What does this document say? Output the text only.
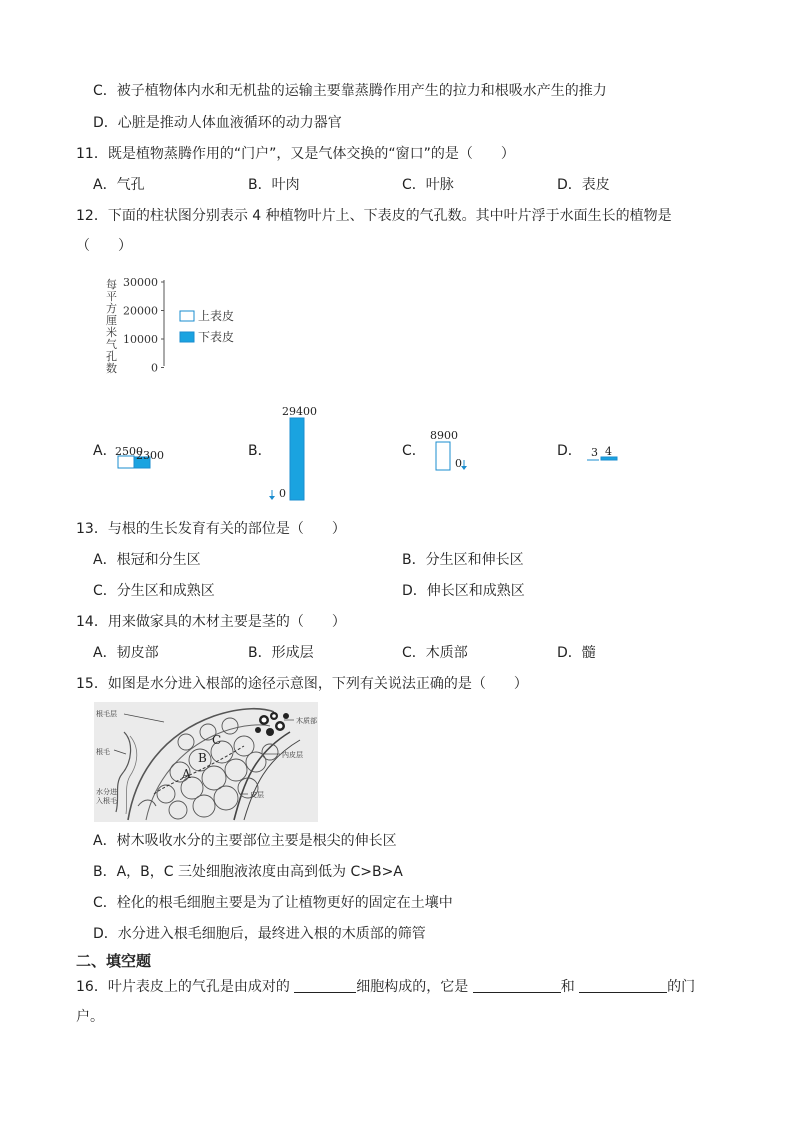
C．被子植物体内水和无机盐的运输主要靠蒸腾作用产生的拉力和根吸水产生的推力
D．心脏是推动人体血液循环的动力器官
11．既是植物蒸腾作用的“门户”，又是气体交换的“窗口”的是（　　）
A．气孔	B．叶肉	C．叶脉	D．表皮
12．下面的柱状图分别表示 4 种植物叶片上、下表皮的气孔数。其中叶片浮于水面生长的植物是
（　　）
每平方厘米气孔数
30000
20000
10000
0
上表皮
下表皮
A．	B．	C．	D．
2500
2300
0
29400
8900
0
3 4
13．与根的生长发育有关的部位是（　　）
A．根冠和分生区	B．分生区和伸长区
C．分生区和成熟区	D．伸长区和成熟区
14．用来做家具的木材主要是茎的（　　）
A．韧皮部	B．形成层	C．木质部	D．髓
15．如图是水分进入根部的途径示意图，下列有关说法正确的是（　　）
根毛层
根毛
水分进
入根毛
木质部
内皮层
皮层
A
B
C
A．树木吸收水分的主要部位主要是根尖的伸长区
B．A，B，C 三处细胞液浓度由高到低为 C>B>A
C．栓化的根毛细胞主要是为了让植物更好的固定在土壤中
D．水分进入根毛细胞后，最终进入根的木质部的筛管
二、填空题
16．叶片表皮上的气孔是由成对的	细胞构成的，它是	和	的门
户。
